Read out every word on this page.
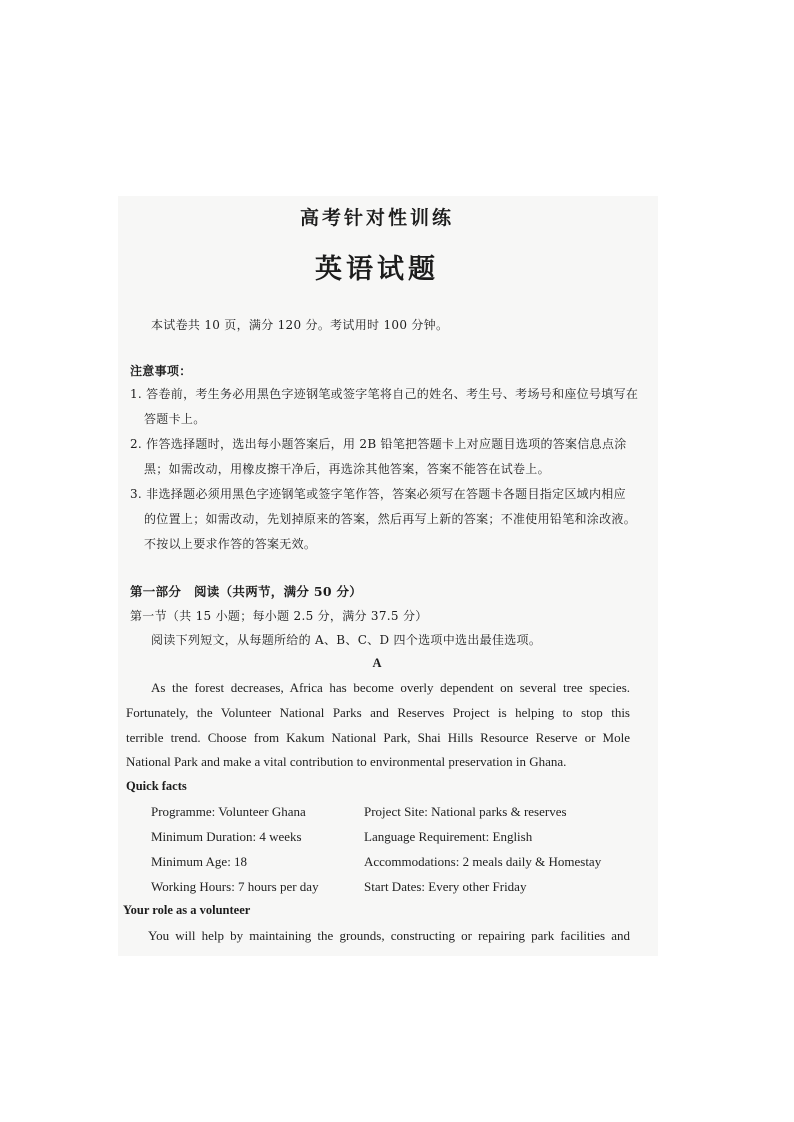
高考针对性训练
英语试题
本试卷共 10 页，满分 120 分。考试用时 100 分钟。
注意事项：
1. 答卷前，考生务必用黑色字迹钢笔或签字笔将自己的姓名、考生号、考场号和座位号填写在
答题卡上。
2. 作答选择题时，选出每小题答案后，用 2B 铅笔把答题卡上对应题目选项的答案信息点涂
黑；如需改动，用橡皮擦干净后，再选涂其他答案，答案不能答在试卷上。
3. 非选择题必须用黑色字迹钢笔或签字笔作答，答案必须写在答题卡各题目指定区域内相应
的位置上；如需改动，先划掉原来的答案，然后再写上新的答案；不准使用铅笔和涂改液。
不按以上要求作答的答案无效。
第一部分　阅读（共两节，满分 50 分）
第一节（共 15 小题；每小题 2.5 分，满分 37.5 分）
阅读下列短文，从每题所给的 A、B、C、D 四个选项中选出最佳选项。
A
As the forest decreases, Africa has become overly dependent on several tree species.
Fortunately, the Volunteer National Parks and Reserves Project is helping to stop this
terrible trend. Choose from Kakum National Park, Shai Hills Resource Reserve or Mole
National Park and make a vital contribution to environmental preservation in Ghana.
Quick facts
Programme: Volunteer Ghana	Project Site: National parks & reserves
Minimum Duration: 4 weeks	Language Requirement: English
Minimum Age: 18	Accommodations: 2 meals daily & Homestay
Working Hours: 7 hours per day	Start Dates: Every other Friday
Your role as a volunteer
You will help by maintaining the grounds, constructing or repairing park facilities and
